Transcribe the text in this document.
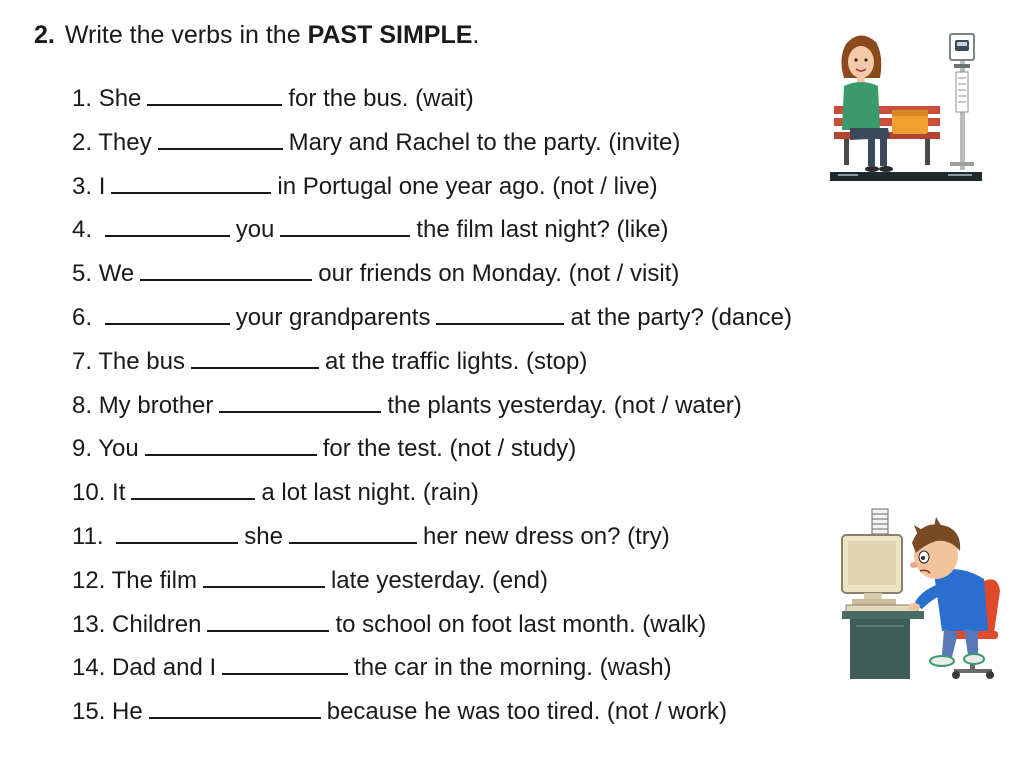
2. Write the verbs in the PAST SIMPLE.
1. She	for the bus. (wait)
2. They	Mary and Rachel to the party. (invite)
3. I	in Portugal one year ago. (not / live)
4.	you	the film last night? (like)
5. We	our friends on Monday. (not / visit)
6.	your grandparents	at the party? (dance)
7. The bus	at the traffic lights. (stop)
8. My brother	the plants yesterday. (not / water)
9. You	for the test. (not / study)
10. It	a lot last night. (rain)
11.	she	her new dress on? (try)
12. The film	late yesterday. (end)
13. Children	to school on foot last month. (walk)
14. Dad and I	the car in the morning. (wash)
15. He	because he was too tired. (not / work)
